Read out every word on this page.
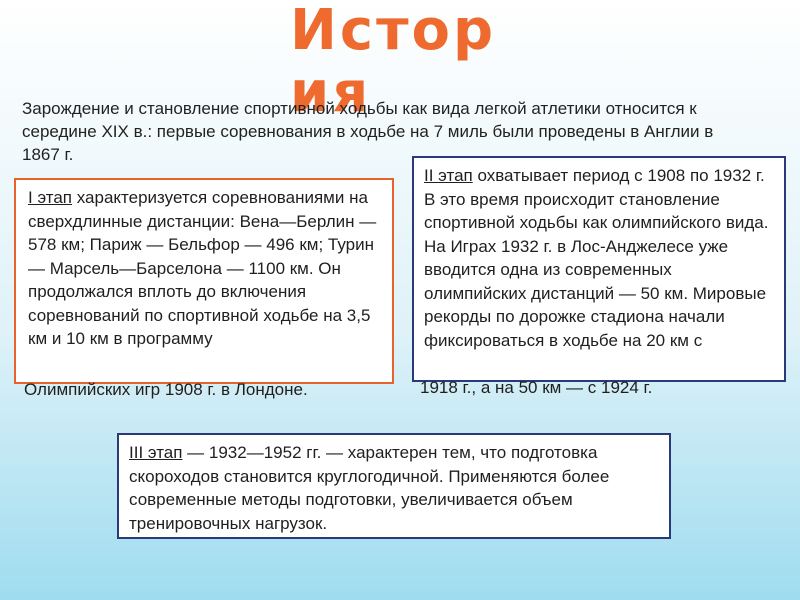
История
Зарождение и становление спортивной ходьбы как вида легкой атлетики относится к середине XIX в.: первые соревнования в ходьбе на 7 миль были проведены в Англии в 1867 г.
I этап характеризуется соревнованиями на сверхдлинные дистанции: Вена—Берлин — 578 км; Париж — Бельфор — 496 км; Турин — Марсель—Барселона — 1100 км. Он продолжался вплоть до включения соревнований по спортивной ходьбе на 3,5 км и 10 км в программу
Олимпийских игр 1908 г. в Лондоне.
II этап охватывает период с 1908 по 1932 г. В это время происходит становление спортивной ходьбы как олимпийского вида. На Играх 1932 г. в Лос-Анджелесе уже вводится одна из современных олимпийских дистанций — 50 км. Мировые рекорды по дорожке стадиона начали фиксироваться в ходьбе на 20 км с
1918 г., а на 50 км — с 1924 г.
III этап — 1932—1952 гг. — характерен тем, что подготовка скороходов становится круглогодичной. Применяются более современные методы подготовки, увеличивается объем тренировочных нагрузок.
